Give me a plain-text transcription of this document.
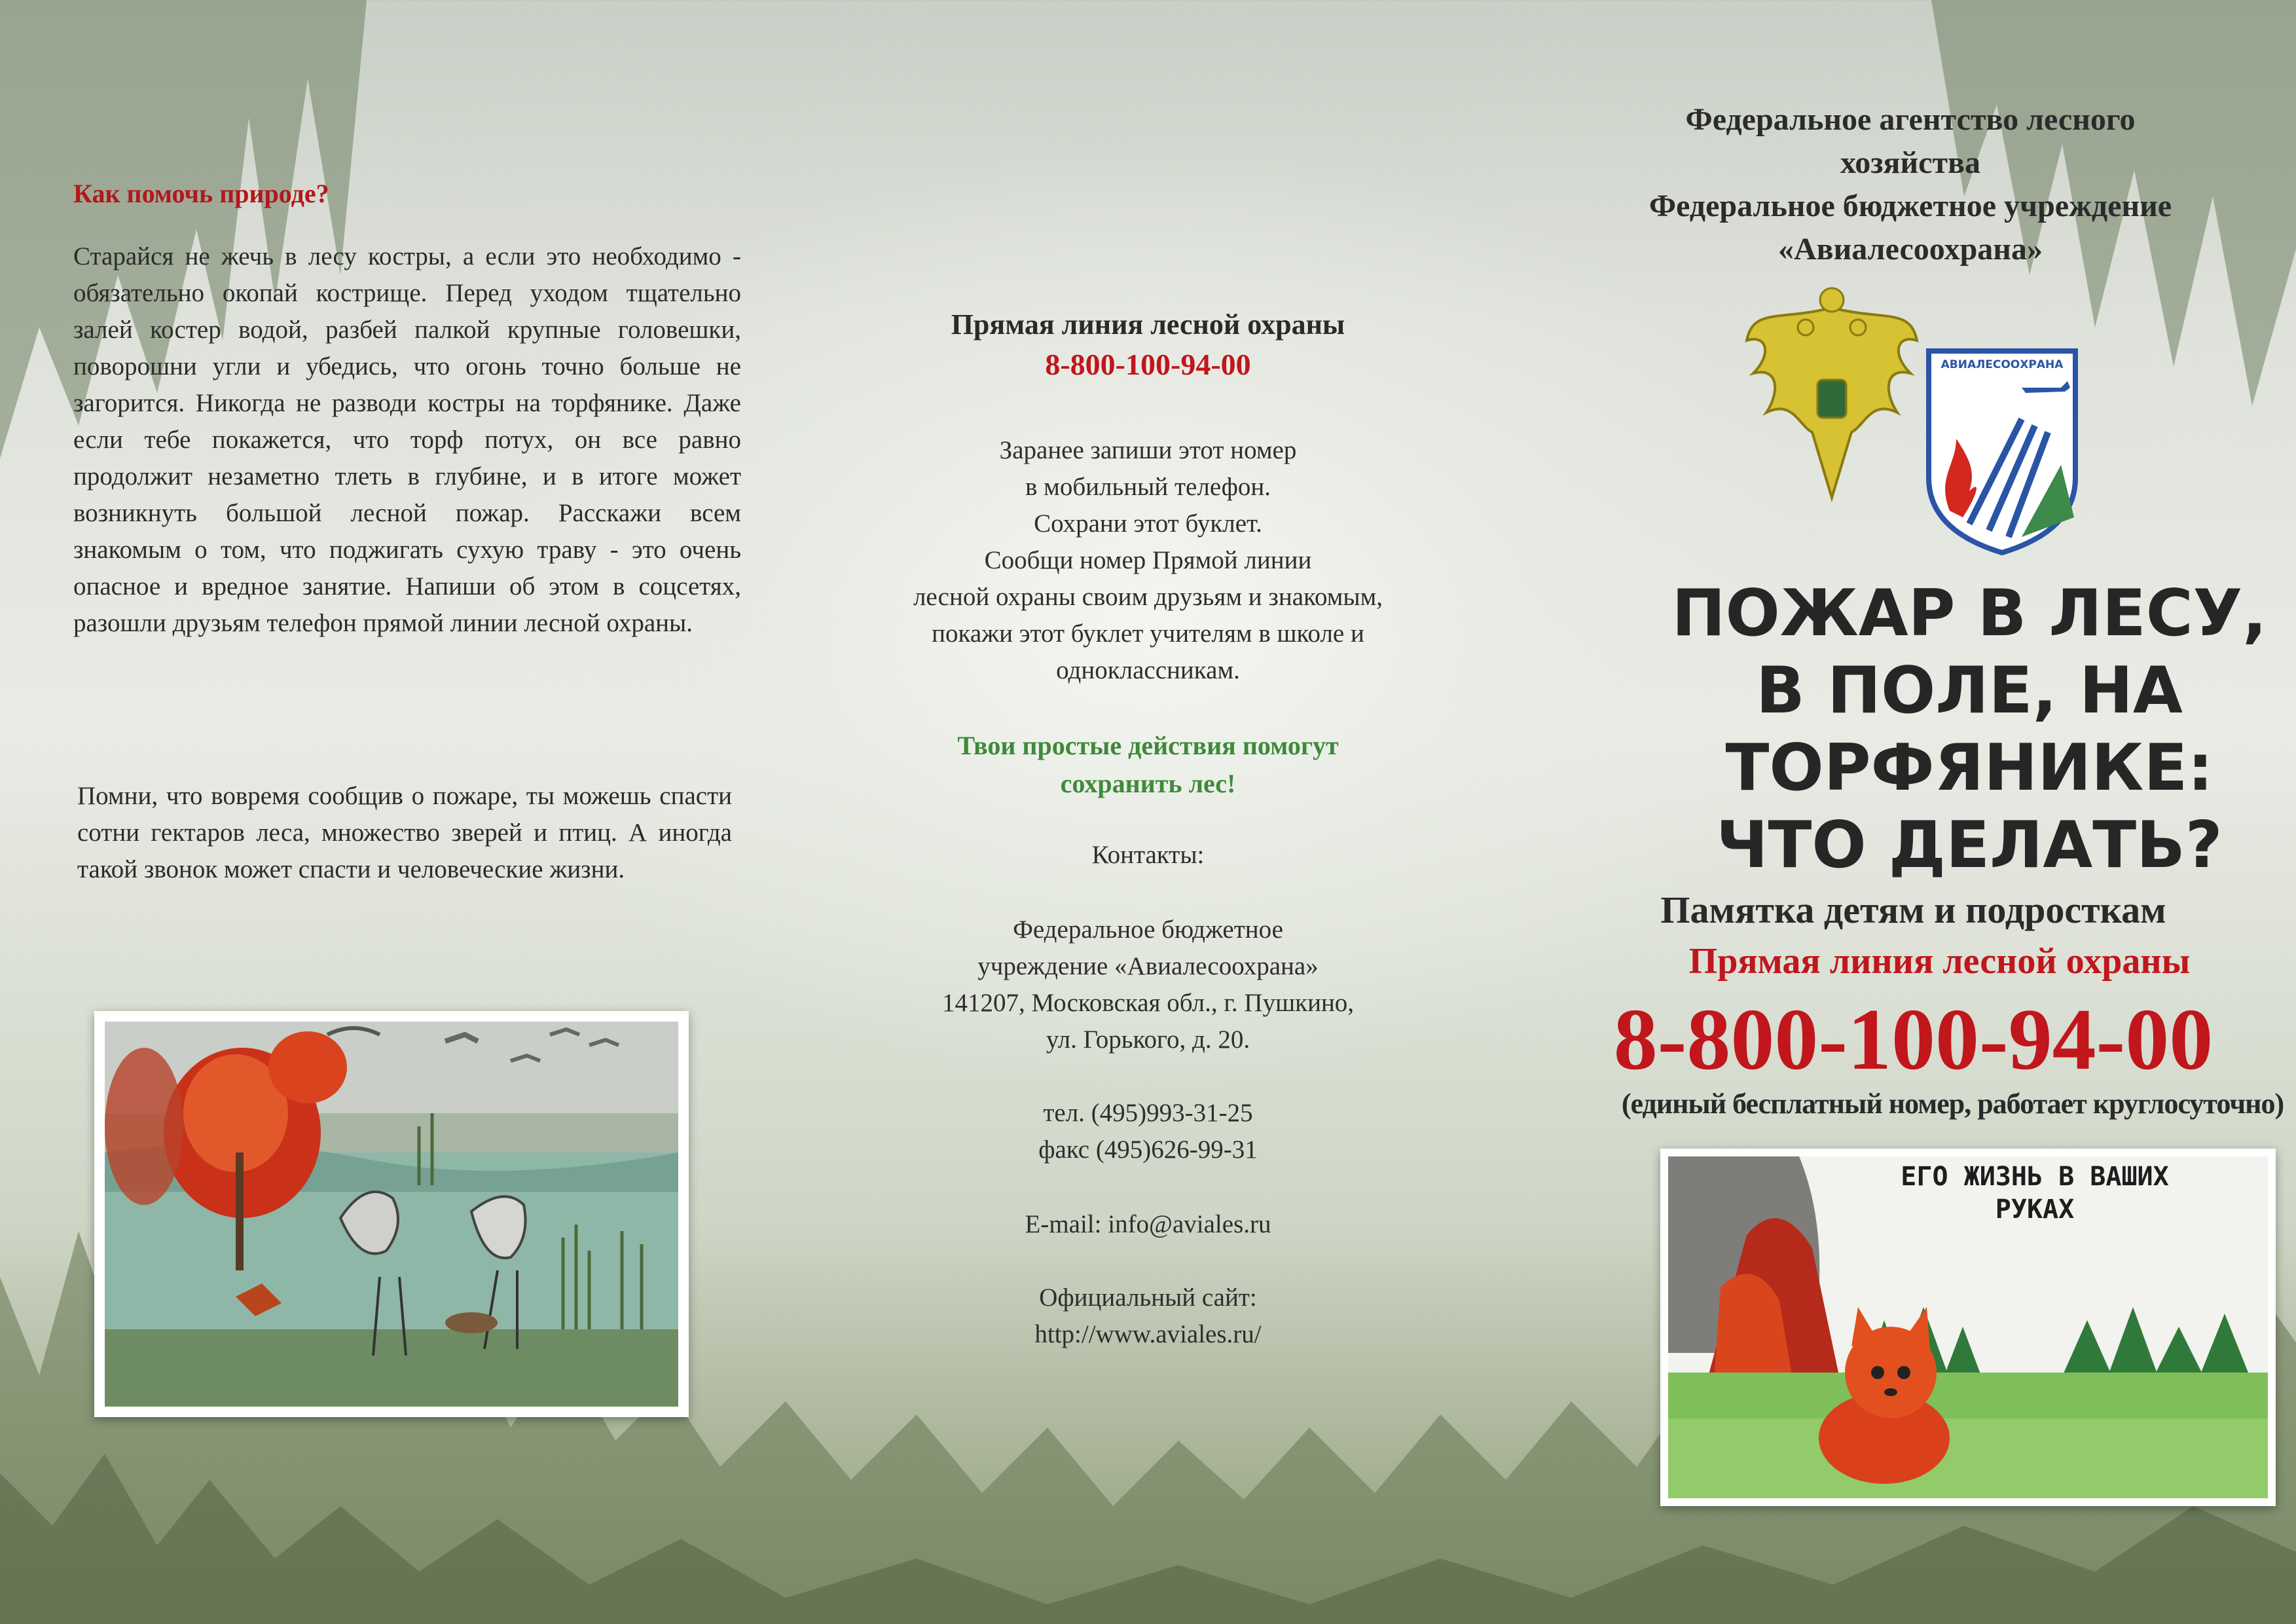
Как помочь природе?

Старайся не жечь в лесу костры, а если это необходимо - обязательно окопай кострище. Перед уходом тщательно залей костер водой, разбей палкой крупные головешки, поворошни угли и убедись, что огонь точно больше не загорится. Никогда не разводи костры на торфянике. Даже если тебе покажется, что торф потух, он все равно продолжит незаметно тлеть в глубине, и в итоге может возникнуть большой лесной пожар. Расскажи всем знакомым о том, что поджигать сухую траву - это очень опасное и вредное занятие. Напиши об этом в соцсетях, разошли друзьям телефон прямой линии лесной охраны.

Помни, что вовремя сообщив о пожаре, ты можешь спасти сотни гектаров леса, множество зверей и птиц. А иногда такой звонок может спасти и человеческие жизни.

Прямая линия лесной охраны

8-800-100-94-00

Заранее запиши этот номер
в мобильный телефон.
Сохрани этот буклет.
Сообщи номер Прямой линии
лесной охраны своим друзьям и знакомым,
покажи этот буклет учителям в школе и
одноклассникам.
Твои простые действия помогут
сохранить лес!
Контакты:
Федеральное бюджетное
учреждение «Авиалесоохрана»
141207, Московская обл., г. Пушкино,
ул. Горького, д. 20.
тел. (495)993-31-25
факс (495)626-99-31
E-mail: info@aviales.ru
Официальный сайт:
http://www.aviales.ru/
Федеральное агентство лесного
хозяйства
Федеральное бюджетное учреждение
«Авиалесоохрана»
АВИАЛЕСООХРАНА
ПОЖАР В ЛЕСУ,
В ПОЛЕ, НА
ТОРФЯНИКЕ:
ЧТО ДЕЛАТЬ?

Памятка детям и подросткам

Прямая линия лесной охраны

8-800-100-94-00

(единый бесплатный номер, работает круглосуточно)

ЕГО ЖИЗНЬ В ВАШИХ
РУКАХ
